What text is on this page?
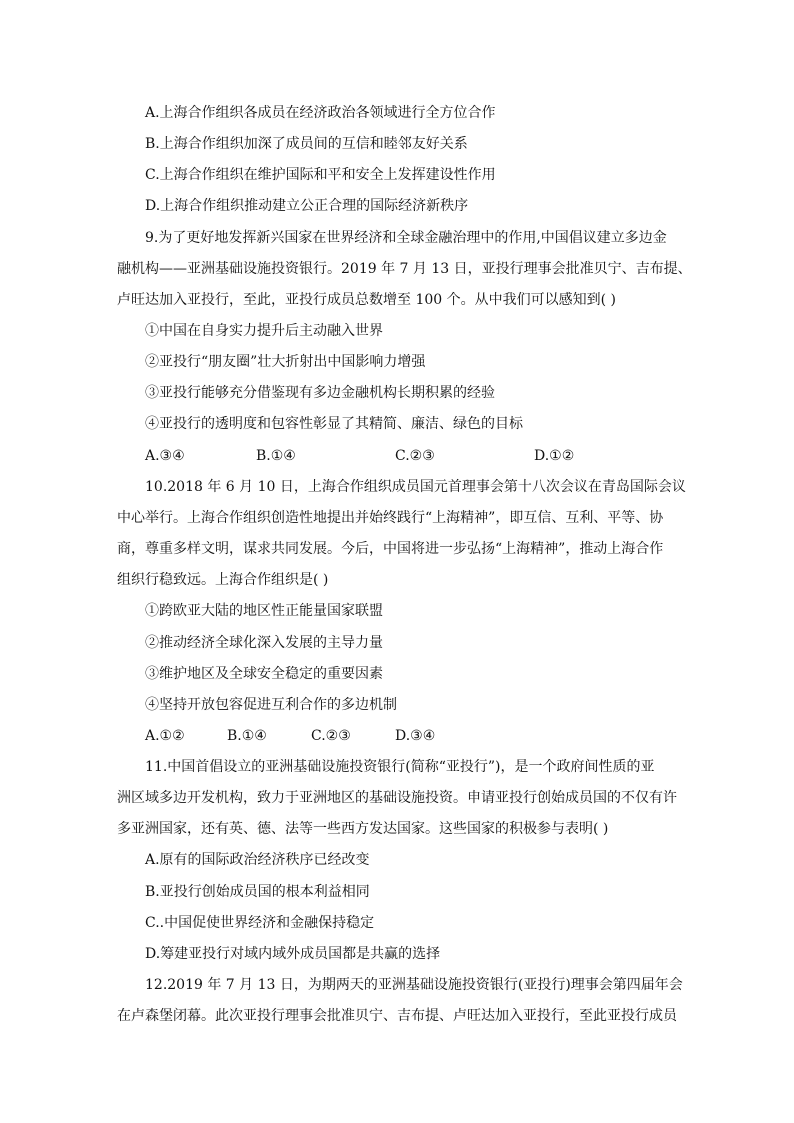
A.上海合作组织各成员在经济政治各领域进行全方位合作
B.上海合作组织加深了成员间的互信和睦邻友好关系
C.上海合作组织在维护国际和平和安全上发挥建设性作用
D.上海合作组织推动建立公正合理的国际经济新秩序
9.为了更好地发挥新兴国家在世界经济和全球金融治理中的作用,中国倡议建立多边金
融机构——亚洲基础设施投资银行。2019 年 7 月 13 日，亚投行理事会批准贝宁、吉布提、
卢旺达加入亚投行，至此，亚投行成员总数增至 100 个。从中我们可以感知到( )
①中国在自身实力提升后主动融入世界
②亚投行“朋友圈”壮大折射出中国影响力增强
③亚投行能够充分借鉴现有多边金融机构长期积累的经验
④亚投行的透明度和包容性彰显了其精简、廉洁、绿色的目标
A.③④	B.①④	C.②③	D.①②
10.2018 年 6 月 10 日，上海合作组织成员国元首理事会第十八次会议在青岛国际会议
中心举行。上海合作组织创造性地提出并始终践行“上海精神”，即互信、互利、平等、协
商，尊重多样文明，谋求共同发展。今后，中国将进一步弘扬“上海精神”，推动上海合作
组织行稳致远。上海合作组织是( )
①跨欧亚大陆的地区性正能量国家联盟
②推动经济全球化深入发展的主导力量
③维护地区及全球安全稳定的重要因素
④坚持开放包容促进互利合作的多边机制
A.①②	B.①④	C.②③	D.③④
11.中国首倡设立的亚洲基础设施投资银行(简称“亚投行”)，是一个政府间性质的亚
洲区域多边开发机构，致力于亚洲地区的基础设施投资。申请亚投行创始成员国的不仅有许
多亚洲国家，还有英、德、法等一些西方发达国家。这些国家的积极参与表明( )
A.原有的国际政治经济秩序已经改变
B.亚投行创始成员国的根本利益相同
C..中国促使世界经济和金融保持稳定
D.筹建亚投行对域内域外成员国都是共赢的选择
12.2019 年 7 月 13 日，为期两天的亚洲基础设施投资银行(亚投行)理事会第四届年会
在卢森堡闭幕。此次亚投行理事会批准贝宁、吉布提、卢旺达加入亚投行，至此亚投行成员
